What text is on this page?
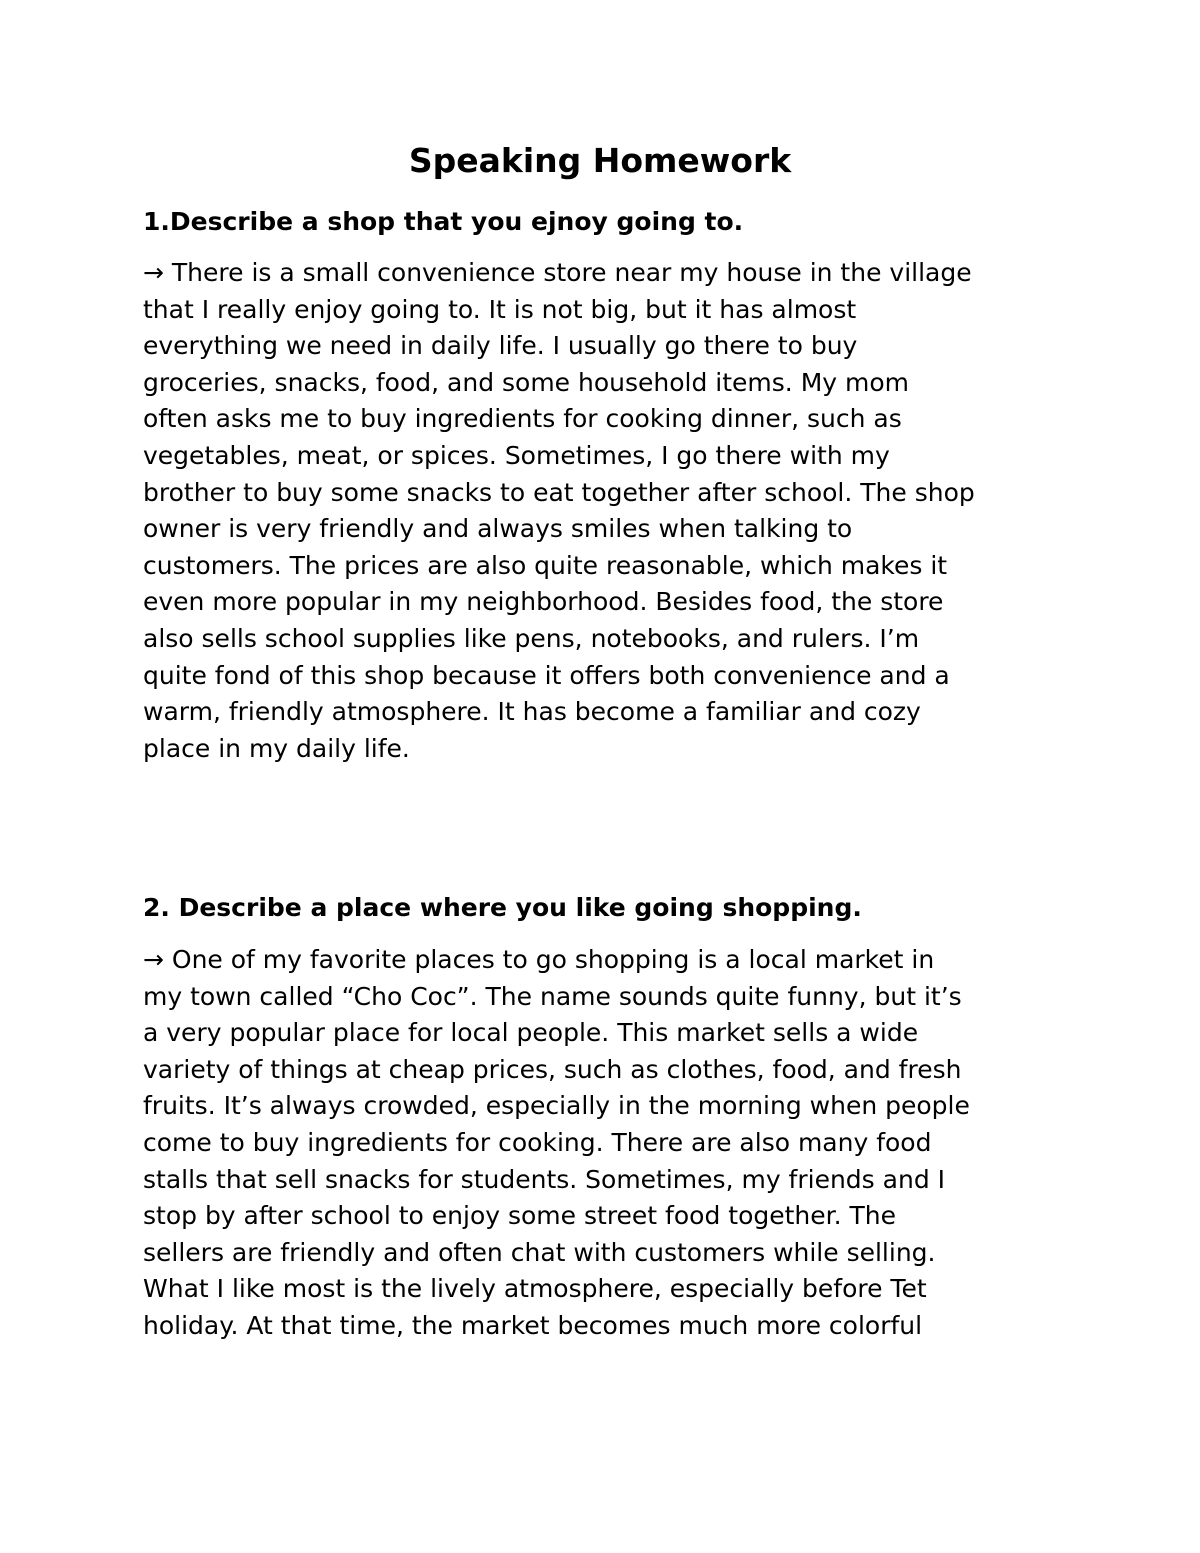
Speaking Homework

1.Describe a shop that you ejnoy going to.

→ There is a small convenience store near my house in the village
that I really enjoy going to. It is not big, but it has almost
everything we need in daily life. I usually go there to buy
groceries, snacks, food, and some household items. My mom
often asks me to buy ingredients for cooking dinner, such as
vegetables, meat, or spices. Sometimes, I go there with my
brother to buy some snacks to eat together after school. The shop
owner is very friendly and always smiles when talking to
customers. The prices are also quite reasonable, which makes it
even more popular in my neighborhood. Besides food, the store
also sells school supplies like pens, notebooks, and rulers. I’m
quite fond of this shop because it offers both convenience and a
warm, friendly atmosphere. It has become a familiar and cozy
place in my daily life.

2. Describe a place where you like going shopping.

→ One of my favorite places to go shopping is a local market in
my town called “Cho Coc”. The name sounds quite funny, but it’s
a very popular place for local people. This market sells a wide
variety of things at cheap prices, such as clothes, food, and fresh
fruits. It’s always crowded, especially in the morning when people
come to buy ingredients for cooking. There are also many food
stalls that sell snacks for students. Sometimes, my friends and I
stop by after school to enjoy some street food together. The
sellers are friendly and often chat with customers while selling.
What I like most is the lively atmosphere, especially before Tet
holiday. At that time, the market becomes much more colorful
